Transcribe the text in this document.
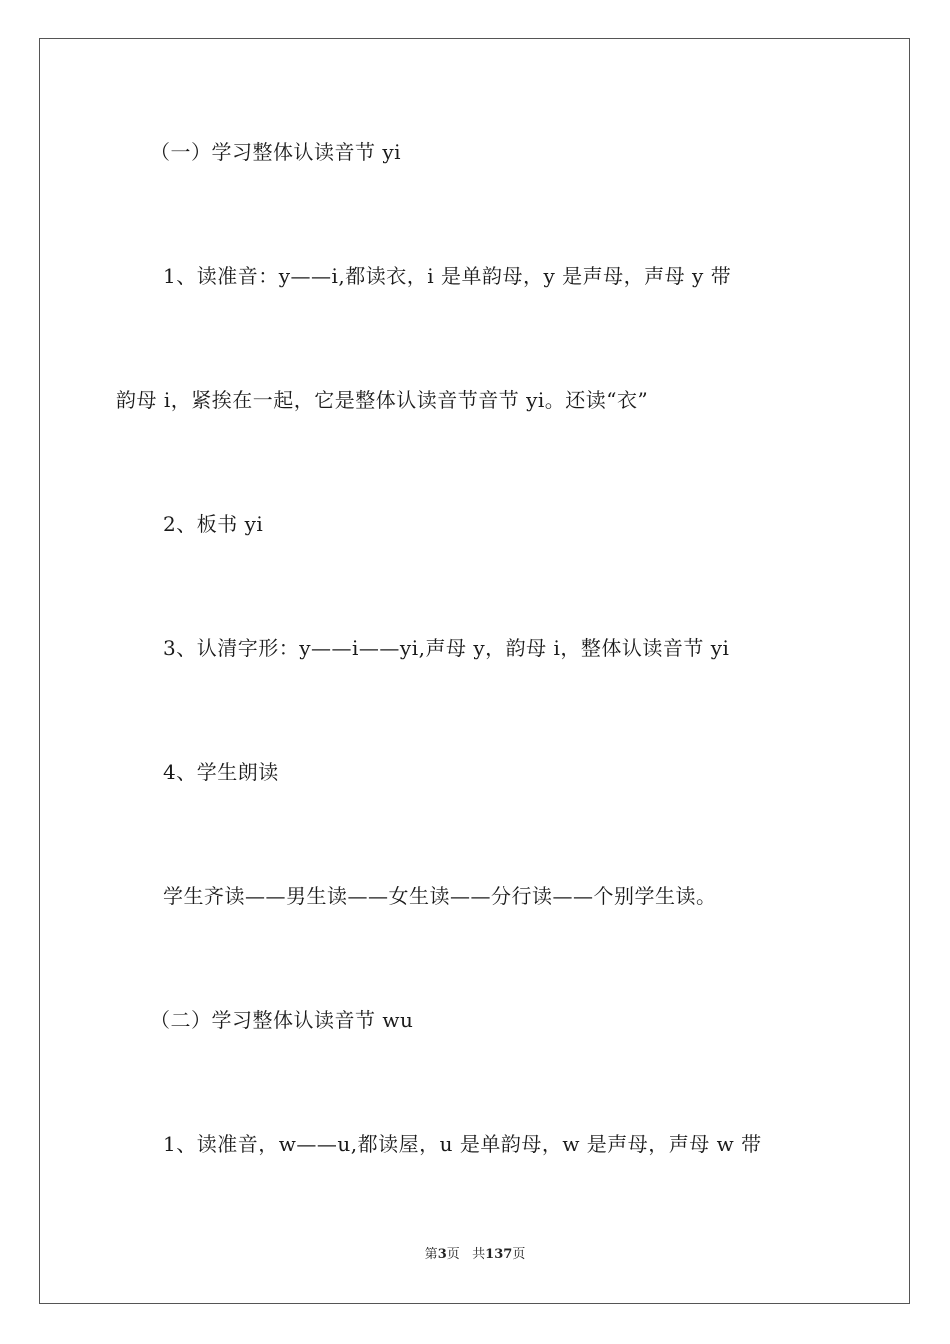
（一）学习整体认读音节 yi
1、读准音：y——i,都读衣，i 是单韵母，y 是声母，声母 y 带
韵母 i，紧挨在一起，它是整体认读音节音节 yi。还读“衣”
2、板书 yi
3、认清字形：y——i——yi,声母 y，韵母 i，整体认读音节 yi
4、学生朗读
学生齐读——男生读——女生读——分行读——个别学生读。
（二）学习整体认读音节 wu
1、读准音，w——u,都读屋，u 是单韵母，w 是声母，声母 w 带
第3页 共137页
